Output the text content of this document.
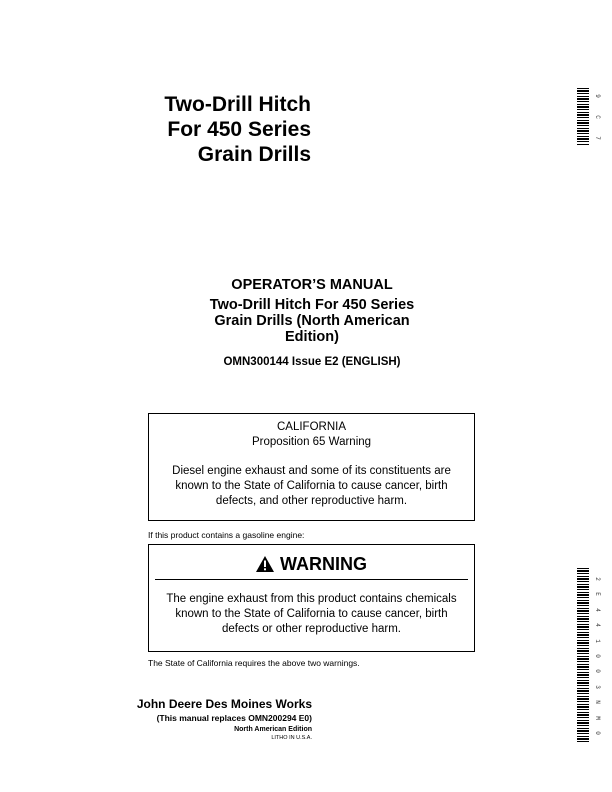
Two-Drill Hitch
For 450 Series
Grain Drills
9
C
7
OPERATOR’S MANUAL
Two-Drill Hitch For 450 Series
Grain Drills (North American
Edition)
OMN300144 Issue E2 (ENGLISH)
CALIFORNIA
Proposition 65 Warning
Diesel engine exhaust and some of its constituents are
known to the State of California to cause cancer, birth
defects, and other reproductive harm.
If this product contains a gasoline engine:
WARNING
The engine exhaust from this product contains chemicals
known to the State of California to cause cancer, birth
defects or other reproductive harm.
The State of California requires the above two warnings.
2
E
4
4
1
0
0
3
N
M
0
John Deere Des Moines Works
(This manual replaces OMN200294 E0)
North American Edition
LITHO IN U.S.A.
